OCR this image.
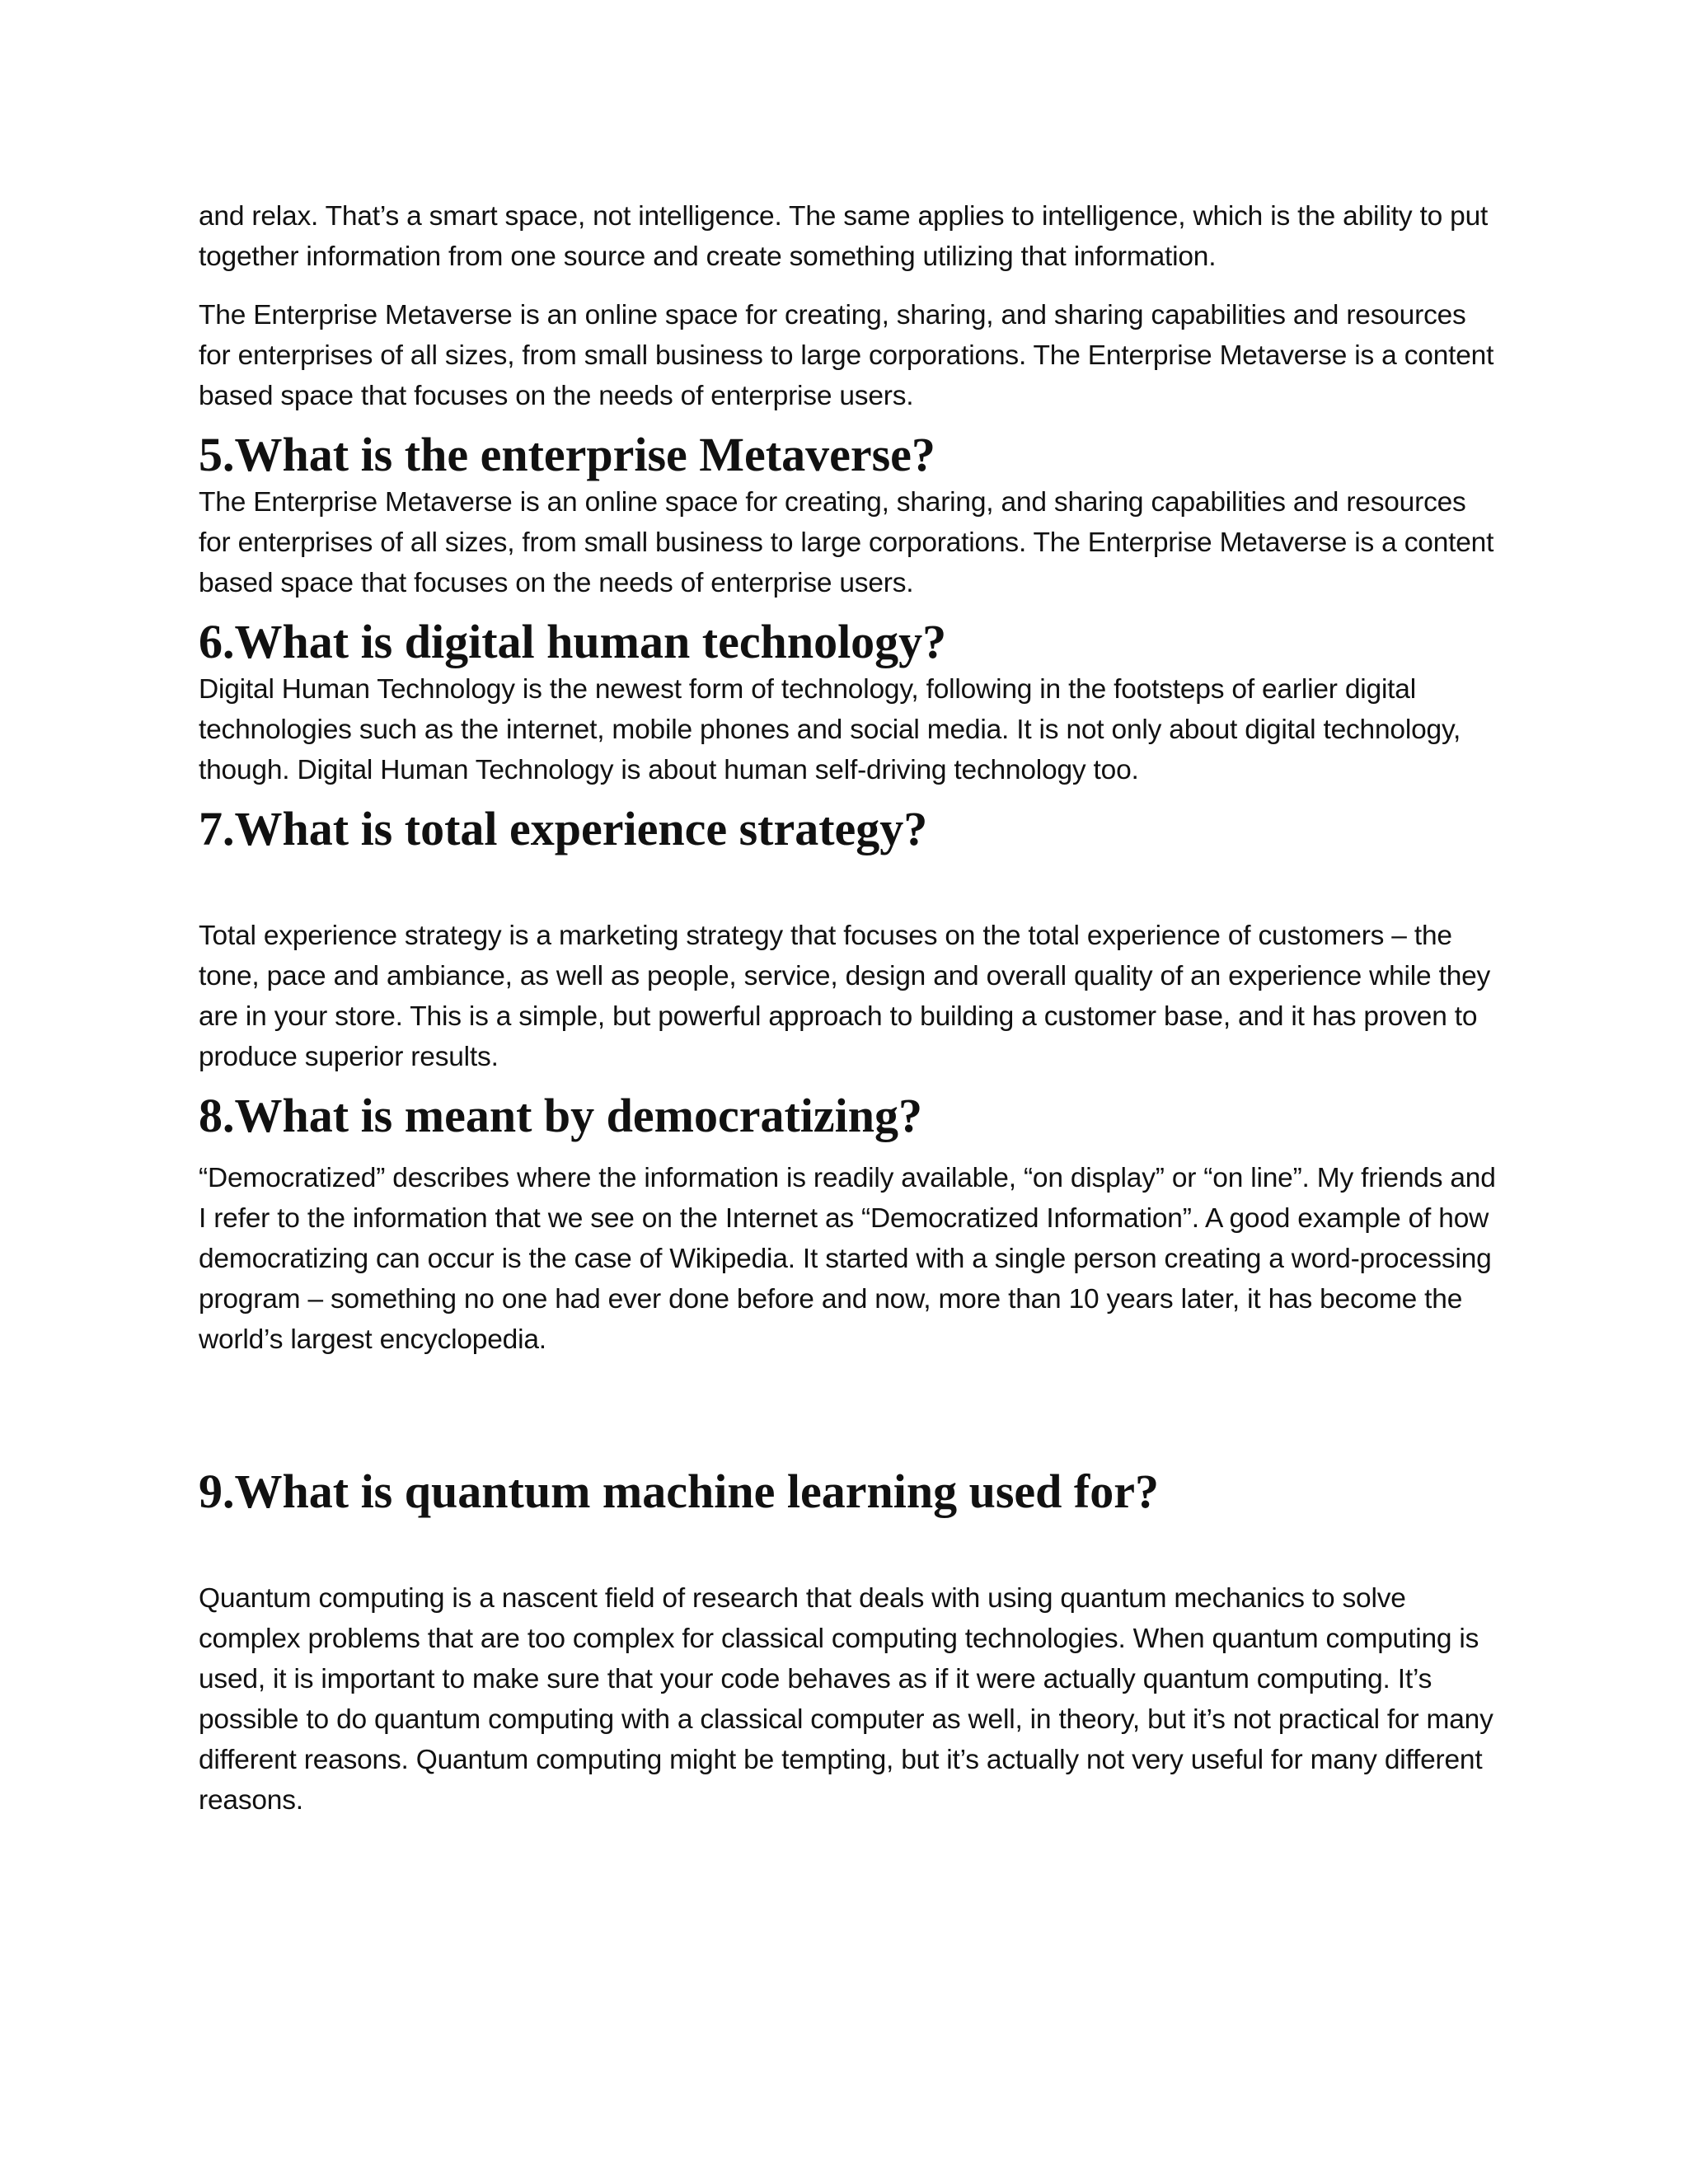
and relax. That’s a smart space, not intelligence. The same applies to intelligence, which is the ability to put together information from one source and create something utilizing that information.

The Enterprise Metaverse is an online space for creating, sharing, and sharing capabilities and resources for enterprises of all sizes, from small business to large corporations. The Enterprise Metaverse is a content based space that focuses on the needs of enterprise users.

5.What is the enterprise Metaverse?

The Enterprise Metaverse is an online space for creating, sharing, and sharing capabilities and resources for enterprises of all sizes, from small business to large corporations. The Enterprise Metaverse is a content based space that focuses on the needs of enterprise users.

6.What is digital human technology?

Digital Human Technology is the newest form of technology, following in the footsteps of earlier digital technologies such as the internet, mobile phones and social media. It is not only about digital technology, though. Digital Human Technology is about human self-driving technology too.

7.What is total experience strategy?

Total experience strategy is a marketing strategy that focuses on the total experience of customers – the tone, pace and ambiance, as well as people, service, design and overall quality of an experience while they are in your store. This is a simple, but powerful approach to building a customer base, and it has proven to produce superior results.

8.What is meant by democratizing?

“Democratized” describes where the information is readily available, “on display” or “on line”. My friends and I refer to the information that we see on the Internet as “Democratized Information”. A good example of how democratizing can occur is the case of Wikipedia. It started with a single person creating a word-processing program – something no one had ever done before and now, more than 10 years later, it has become the world’s largest encyclopedia.

9.What is quantum machine learning used for?

Quantum computing is a nascent field of research that deals with using quantum mechanics to solve complex problems that are too complex for classical computing technologies. When quantum computing is used, it is important to make sure that your code behaves as if it were actually quantum computing. It’s possible to do quantum computing with a classical computer as well, in theory, but it’s not practical for many different reasons. Quantum computing might be tempting, but it’s actually not very useful for many different reasons.
